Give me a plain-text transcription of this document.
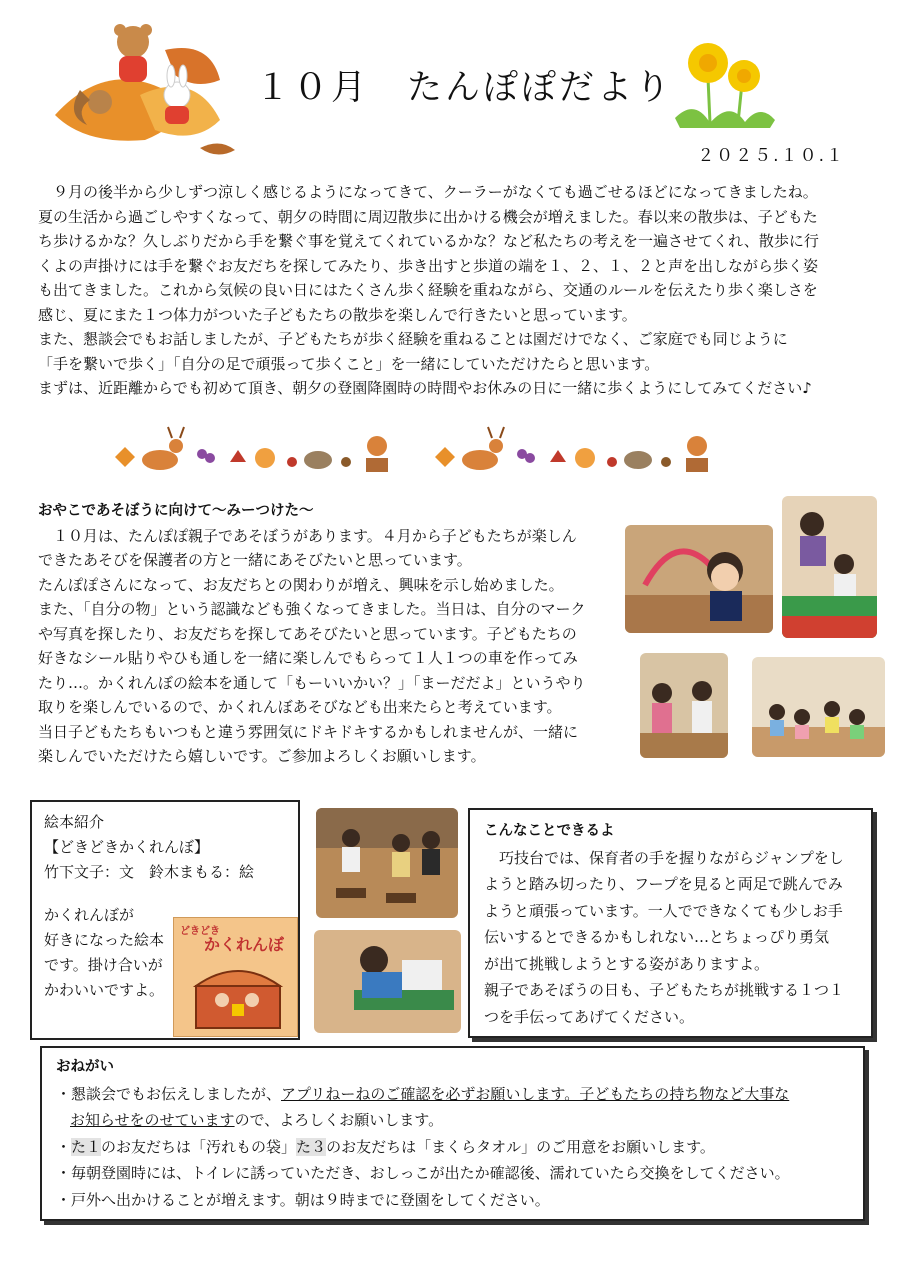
１０月　たんぽぽだより
２０２５.１０.１

　９月の後半から少しずつ涼しく感じるようになってきて、クーラーがなくても過ごせるほどになってきましたね。

夏の生活から過ごしやすくなって、朝夕の時間に周辺散歩に出かける機会が増えました。春以来の散歩は、子どもた

ち歩けるかな？久しぶりだから手を繋ぐ事を覚えてくれているかな？など私たちの考えを一遍させてくれ、散歩に行

くよの声掛けには手を繋ぐお友だちを探してみたり、歩き出すと歩道の端を１、２、１、２と声を出しながら歩く姿

も出てきました。これから気候の良い日にはたくさん歩く経験を重ねながら、交通のルールを伝えたり歩く楽しさを

感じ、夏にまた１つ体力がついた子どもたちの散歩を楽しんで行きたいと思っています。

また、懇談会でもお話しましたが、子どもたちが歩く経験を重ねることは園だけでなく、ご家庭でも同じように

「手を繋いで歩く」「自分の足で頑張って歩くこと」を一緒にしていただけたらと思います。

まずは、近距離からでも初めて頂き、朝夕の登園降園時の時間やお休みの日に一緒に歩くようにしてみてください♪

おやこであそぼうに向けて～みーつけた～

　１０月は、たんぽぽ親子であそぼうがあります。４月から子どもたちが楽しん

できたあそびを保護者の方と一緒にあそびたいと思っています。

たんぽぽさんになって、お友だちとの関わりが増え、興味を示し始めました。

また、「自分の物」という認識なども強くなってきました。当日は、自分のマーク

や写真を探したり、お友だちを探してあそびたいと思っています。子どもたちの

好きなシール貼りやひも通しを一緒に楽しんでもらって１人１つの車を作ってみ

たり…。かくれんぼの絵本を通して「もーいいかい？」「まーだだよ」というやり

取りを楽しんでいるので、かくれんぼあそびなども出来たらと考えています。

当日子どもたちもいつもと違う雰囲気にドキドキするかもしれませんが、一緒に

楽しんでいただけたら嬉しいです。ご参加よろしくお願いします。

絵本紹介

【どきどきかくれんぼ】

竹下文子：文　鈴木まもる：絵

かくれんぼが

好きになった絵本

です。掛け合いが

かわいいですよ。

どきどき
かくれんぼ

こんなことできるよ

　巧技台では、保育者の手を握りながらジャンプをし

ようと踏み切ったり、フープを見ると両足で跳んでみ

ようと頑張っています。一人でできなくても少しお手

伝いするとできるかもしれない…とちょっぴり勇気

が出て挑戦しようとする姿がありますよ。

親子であそぼうの日も、子どもたちが挑戦する１つ１

つを手伝ってあげてください。

おねがい
・懇談会でもお伝えしましたが、アプリねーねのご確認を必ずお願いします。子どもたちの持ち物など大事な
お知らせをのせていますので、よろしくお願いします。
・た１のお友だちは「汚れもの袋」た３のお友だちは「まくらタオル」のご用意をお願いします。
・毎朝登園時には、トイレに誘っていただき、おしっこが出たか確認後、濡れていたら交換をしてください。
・戸外へ出かけることが増えます。朝は９時までに登園をしてください。
